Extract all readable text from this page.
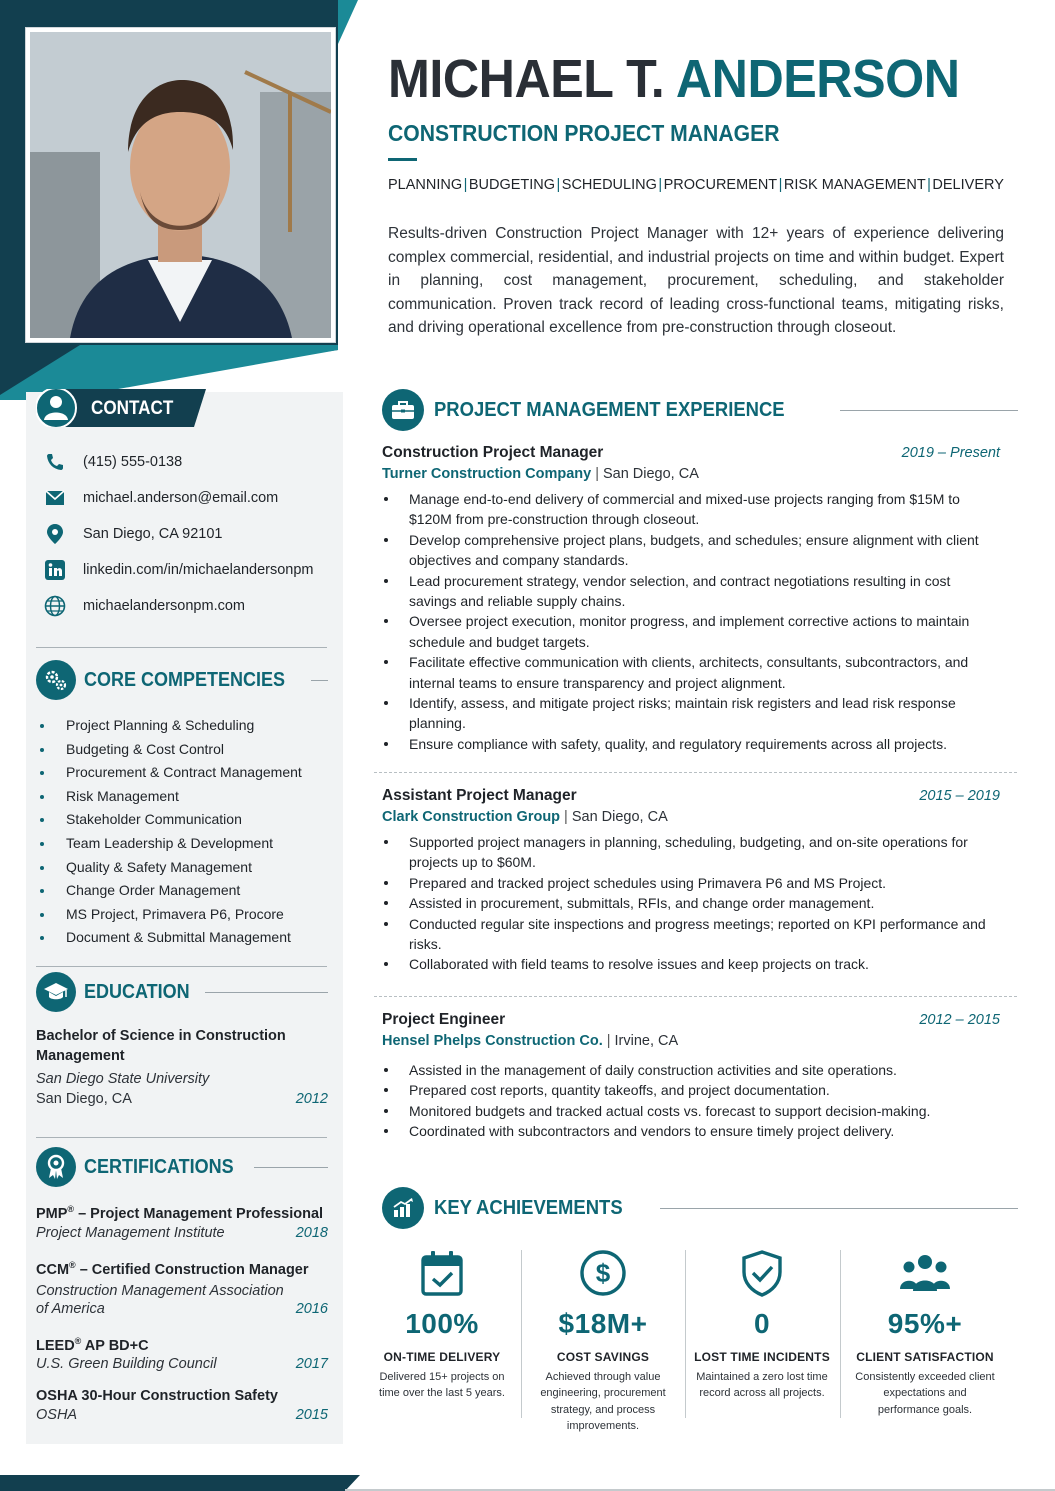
MICHAEL T. ANDERSON
CONSTRUCTION PROJECT MANAGER
PLANNING | BUDGETING | SCHEDULING | PROCUREMENT | RISK MANAGEMENT | DELIVERY

Results-driven Construction Project Manager with 12+ years of experience delivering complex commercial, residential, and industrial projects on time and within budget. Expert in planning, cost management, procurement, scheduling, and stakeholder communication. Proven track record of leading cross-functional teams, mitigating risks, and driving operational excellence from pre-construction through closeout.

CONTACT
(415) 555-0138
michael.anderson@email.com
San Diego, CA 92101
linkedin.com/in/michaelandersonpm
michaelandersonpm.com
CORE COMPETENCIES
Project Planning & Scheduling
Budgeting & Cost Control
Procurement & Contract Management
Risk Management
Stakeholder Communication
Team Leadership & Development
Quality & Safety Management
Change Order Management
MS Project, Primavera P6, Procore
Document & Submittal Management
EDUCATION
Bachelor of Science in Construction Management
San Diego State University
San Diego, CA	2012
CERTIFICATIONS
PMP® – Project Management Professional
Project Management Institute	2018
CCM® – Certified Construction Manager
Construction Management Association
of America	2016
LEED® AP BD+C
U.S. Green Building Council	2017
OSHA 30-Hour Construction Safety
OSHA	2015
PROJECT MANAGEMENT EXPERIENCE
Construction Project Manager	2019 – Present
Turner Construction Company | San Diego, CA
Manage end-to-end delivery of commercial and mixed-use projects ranging from $15M to $120M from pre-construction through closeout.
Develop comprehensive project plans, budgets, and schedules; ensure alignment with client objectives and company standards.
Lead procurement strategy, vendor selection, and contract negotiations resulting in cost savings and reliable supply chains.
Oversee project execution, monitor progress, and implement corrective actions to maintain schedule and budget targets.
Facilitate effective communication with clients, architects, consultants, subcontractors, and internal teams to ensure transparency and project alignment.
Identify, assess, and mitigate project risks; maintain risk registers and lead risk response planning.
Ensure compliance with safety, quality, and regulatory requirements across all projects.
Assistant Project Manager	2015 – 2019
Clark Construction Group | San Diego, CA
Supported project managers in planning, scheduling, budgeting, and on-site operations for projects up to $60M.
Prepared and tracked project schedules using Primavera P6 and MS Project.
Assisted in procurement, submittals, RFIs, and change order management.
Conducted regular site inspections and progress meetings; reported on KPI performance and risks.
Collaborated with field teams to resolve issues and keep projects on track.
Project Engineer	2012 – 2015
Hensel Phelps Construction Co. | Irvine, CA
Assisted in the management of daily construction activities and site operations.
Prepared cost reports, quantity takeoffs, and project documentation.
Monitored budgets and tracked actual costs vs. forecast to support decision-making.
Coordinated with subcontractors and vendors to ensure timely project delivery.
KEY ACHIEVEMENTS
100%
ON-TIME DELIVERY
Delivered 15+ projects on time over the last 5 years.
$
$18M+
COST SAVINGS
Achieved through value engineering, procurement strategy, and process improvements.
0
LOST TIME INCIDENTS
Maintained a zero lost time record across all projects.
95%+
CLIENT SATISFACTION
Consistently exceeded client expectations and performance goals.
